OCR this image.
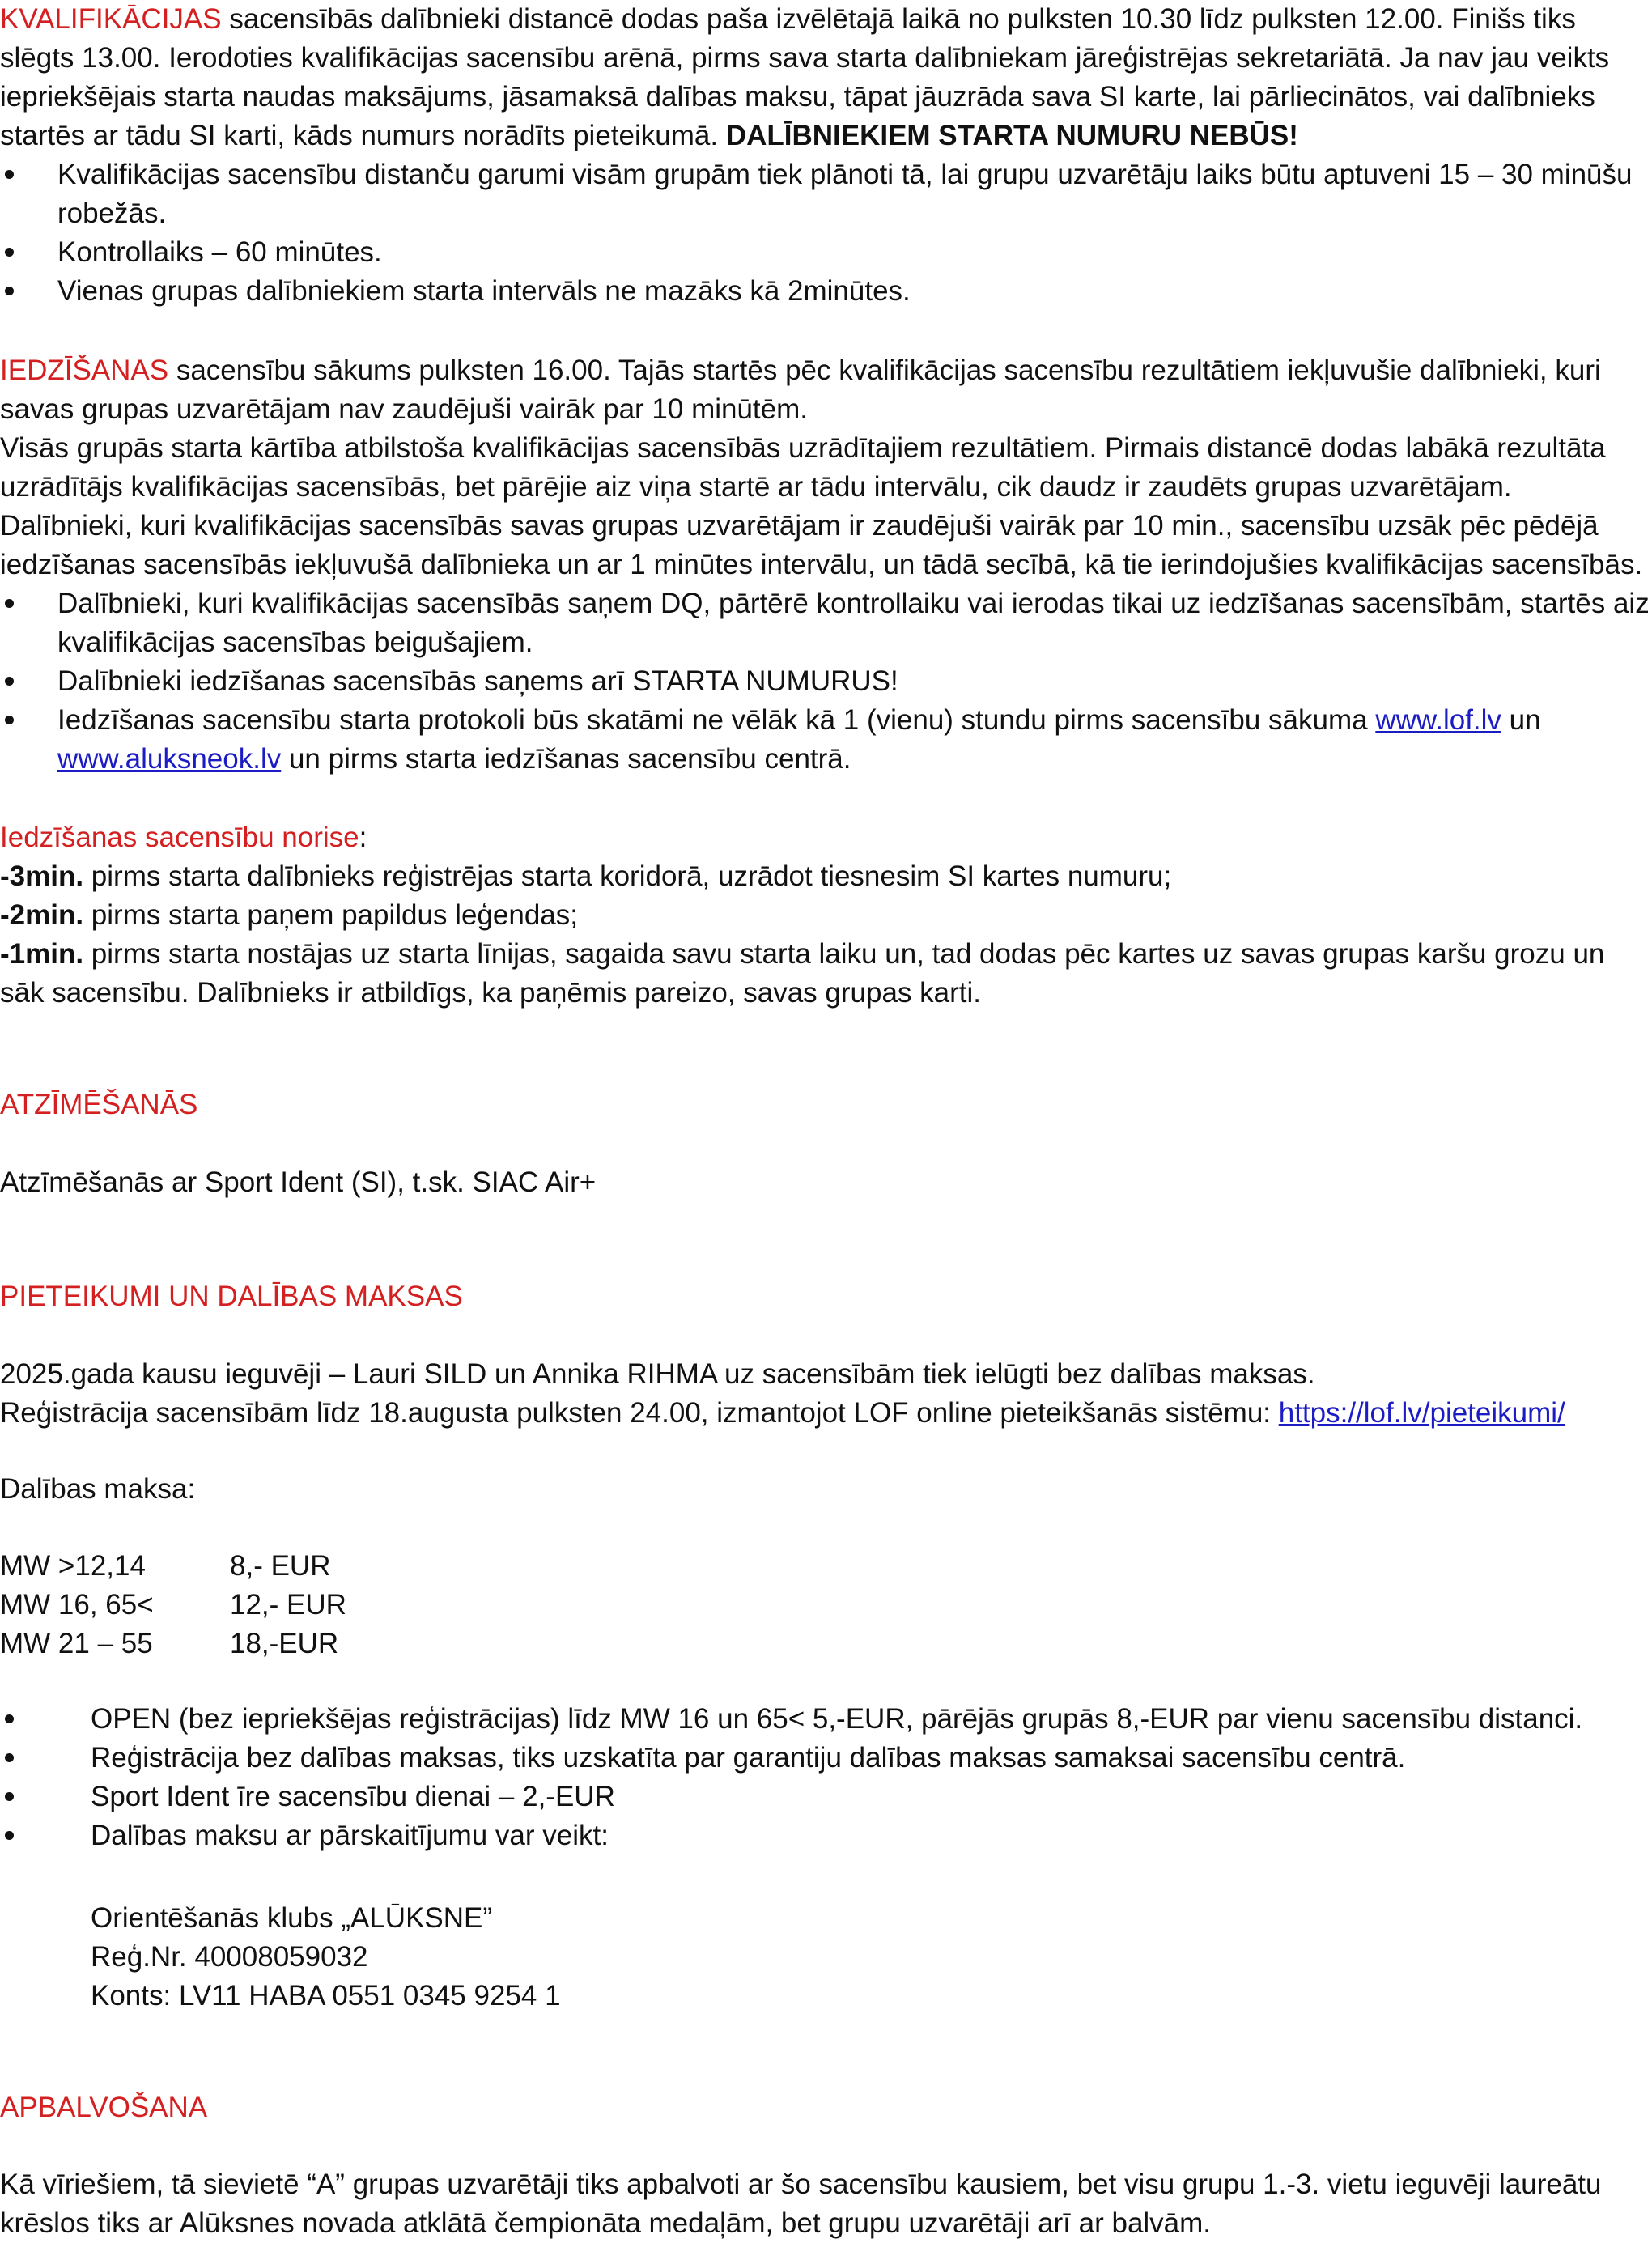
KVALIFIKĀCIJAS sacensībās dalībnieki distancē dodas paša izvēlētajā laikā no pulksten 10.30 līdz pulksten 12.00. Finišs tiks slēgts 13.00. Ierodoties kvalifikācijas sacensību arēnā, pirms sava starta dalībniekam jāreģistrējas sekretariātā. Ja nav jau veikts iepriekšējais starta naudas maksājums, jāsamaksā dalības maksu, tāpat jāuzrāda sava SI karte, lai pārliecinātos, vai dalībnieks startēs ar tādu SI karti, kāds numurs norādīts pieteikumā. DALĪBNIEKIEM STARTA NUMURU NEBŪS!

Kvalifikācijas sacensību distanču garumi visām grupām tiek plānoti tā, lai grupu uzvarētāju laiks būtu aptuveni 15 – 30 minūšu robežās.
Kontrollaiks – 60 minūtes.
Vienas grupas dalībniekiem starta intervāls ne mazāks kā 2minūtes.

IEDZĪŠANAS sacensību sākums pulksten 16.00. Tajās startēs pēc kvalifikācijas sacensību rezultātiem iekļuvušie dalībnieki, kuri savas grupas uzvarētājam nav zaudējuši vairāk par 10 minūtēm.

Visās grupās starta kārtība atbilstoša kvalifikācijas sacensībās uzrādītajiem rezultātiem. Pirmais distancē dodas labākā rezultāta uzrādītājs kvalifikācijas sacensībās, bet pārējie aiz viņa startē ar tādu intervālu, cik daudz ir zaudēts grupas uzvarētājam. Dalībnieki, kuri kvalifikācijas sacensībās savas grupas uzvarētājam ir zaudējuši vairāk par 10 min., sacensību uzsāk pēc pēdējā iedzīšanas sacensībās iekļuvušā dalībnieka un ar 1 minūtes intervālu, un tādā secībā, kā tie ierindojušies kvalifikācijas sacensībās.

Dalībnieki, kuri kvalifikācijas sacensībās saņem DQ, pārtērē kontrollaiku vai ierodas tikai uz iedzīšanas sacensībām, startēs aiz kvalifikācijas sacensības beigušajiem.
Dalībnieki iedzīšanas sacensībās saņems arī STARTA NUMURUS!
Iedzīšanas sacensību starta protokoli būs skatāmi ne vēlāk kā 1 (vienu) stundu pirms sacensību sākuma www.lof.lv un www.aluksneok.lv un pirms starta iedzīšanas sacensību centrā.

Iedzīšanas sacensību norise:

-3min. pirms starta dalībnieks reģistrējas starta koridorā, uzrādot tiesnesim SI kartes numuru;

-2min. pirms starta paņem papildus leģendas;

-1min. pirms starta nostājas uz starta līnijas, sagaida savu starta laiku un, tad dodas pēc kartes uz savas grupas karšu grozu un sāk sacensību. Dalībnieks ir atbildīgs, ka paņēmis pareizo, savas grupas karti.

ATZĪMĒŠANĀS

Atzīmēšanās ar Sport Ident (SI), t.sk. SIAC Air+

PIETEIKUMI UN DALĪBAS MAKSAS

2025.gada kausu ieguvēji – Lauri SILD un Annika RIHMA uz sacensībām tiek ielūgti bez dalības maksas.

Reģistrācija sacensībām līdz 18.augusta pulksten 24.00, izmantojot LOF online pieteikšanās sistēmu: https://lof.lv/pieteikumi/

Dalības maksa:

MW >12,14	8,- EUR
MW 16, 65<	12,- EUR
MW 21 – 55	18,-EUR
OPEN (bez iepriekšējas reģistrācijas) līdz MW 16 un 65< 5,-EUR, pārējās grupās 8,-EUR par vienu sacensību distanci.
Reģistrācija bez dalības maksas, tiks uzskatīta par garantiju dalības maksas samaksai sacensību centrā.
Sport Ident īre sacensību dienai – 2,-EUR
Dalības maksu ar pārskaitījumu var veikt:

Orientēšanās klubs „ALŪKSNE”

Reģ.Nr. 40008059032

Konts: LV11 HABA 0551 0345 9254 1

APBALVOŠANA

Kā vīriešiem, tā sievietē “A” grupas uzvarētāji tiks apbalvoti ar šo sacensību kausiem, bet visu grupu 1.-3. vietu ieguvēji laureātu krēslos tiks ar Alūksnes novada atklātā čempionāta medaļām, bet grupu uzvarētāji arī ar balvām.
